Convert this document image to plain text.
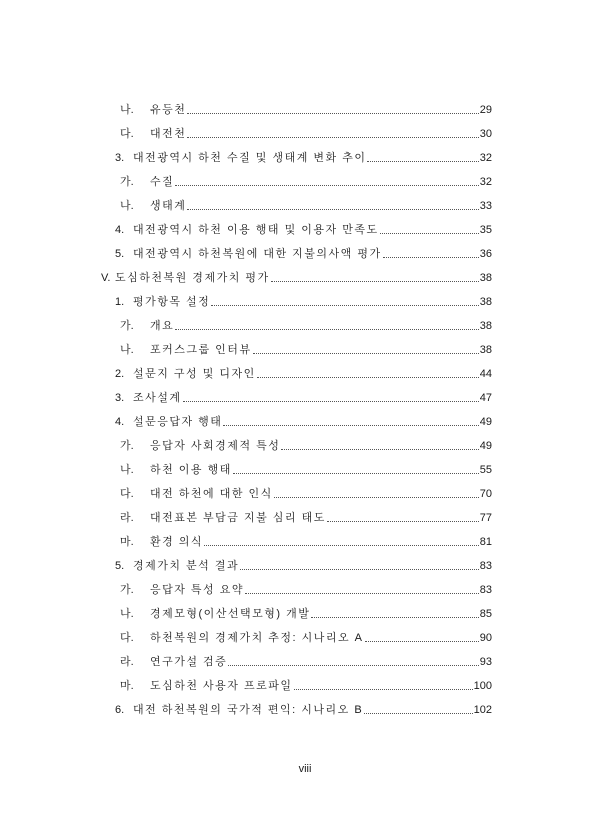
나.	유등천	29
다.	대전천	30
3. 대전광역시 하천 수질 및 생태계 변화 추이	32
가.	수질	32
나.	생태계	33
4. 대전광역시 하천 이용 행태 및 이용자 만족도	35
5. 대전광역시 하천복원에 대한 지불의사액 평가	36
V. 도심하천복원 경제가치 평가	38
1. 평가항목 설정	38
가.	개요	38
나.	포커스그룹 인터뷰	38
2. 설문지 구성 및 디자인	44
3. 조사설계	47
4. 설문응답자 행태	49
가.	응답자 사회경제적 특성	49
나.	하천 이용 행태	55
다.	대전 하천에 대한 인식	70
라.	대전표본 부담금 지불 심리 태도	77
마.	환경 의식	81
5. 경제가치 분석 결과	83
가.	응답자 특성 요약	83
나.	경제모형(이산선택모형) 개발	85
다.	하천복원의 경제가치 추정: 시나리오 A	90
라.	연구가설 검증	93
마.	도심하천 사용자 프로파일	100
6. 대전 하천복원의 국가적 편익: 시나리오 B	102
viii
